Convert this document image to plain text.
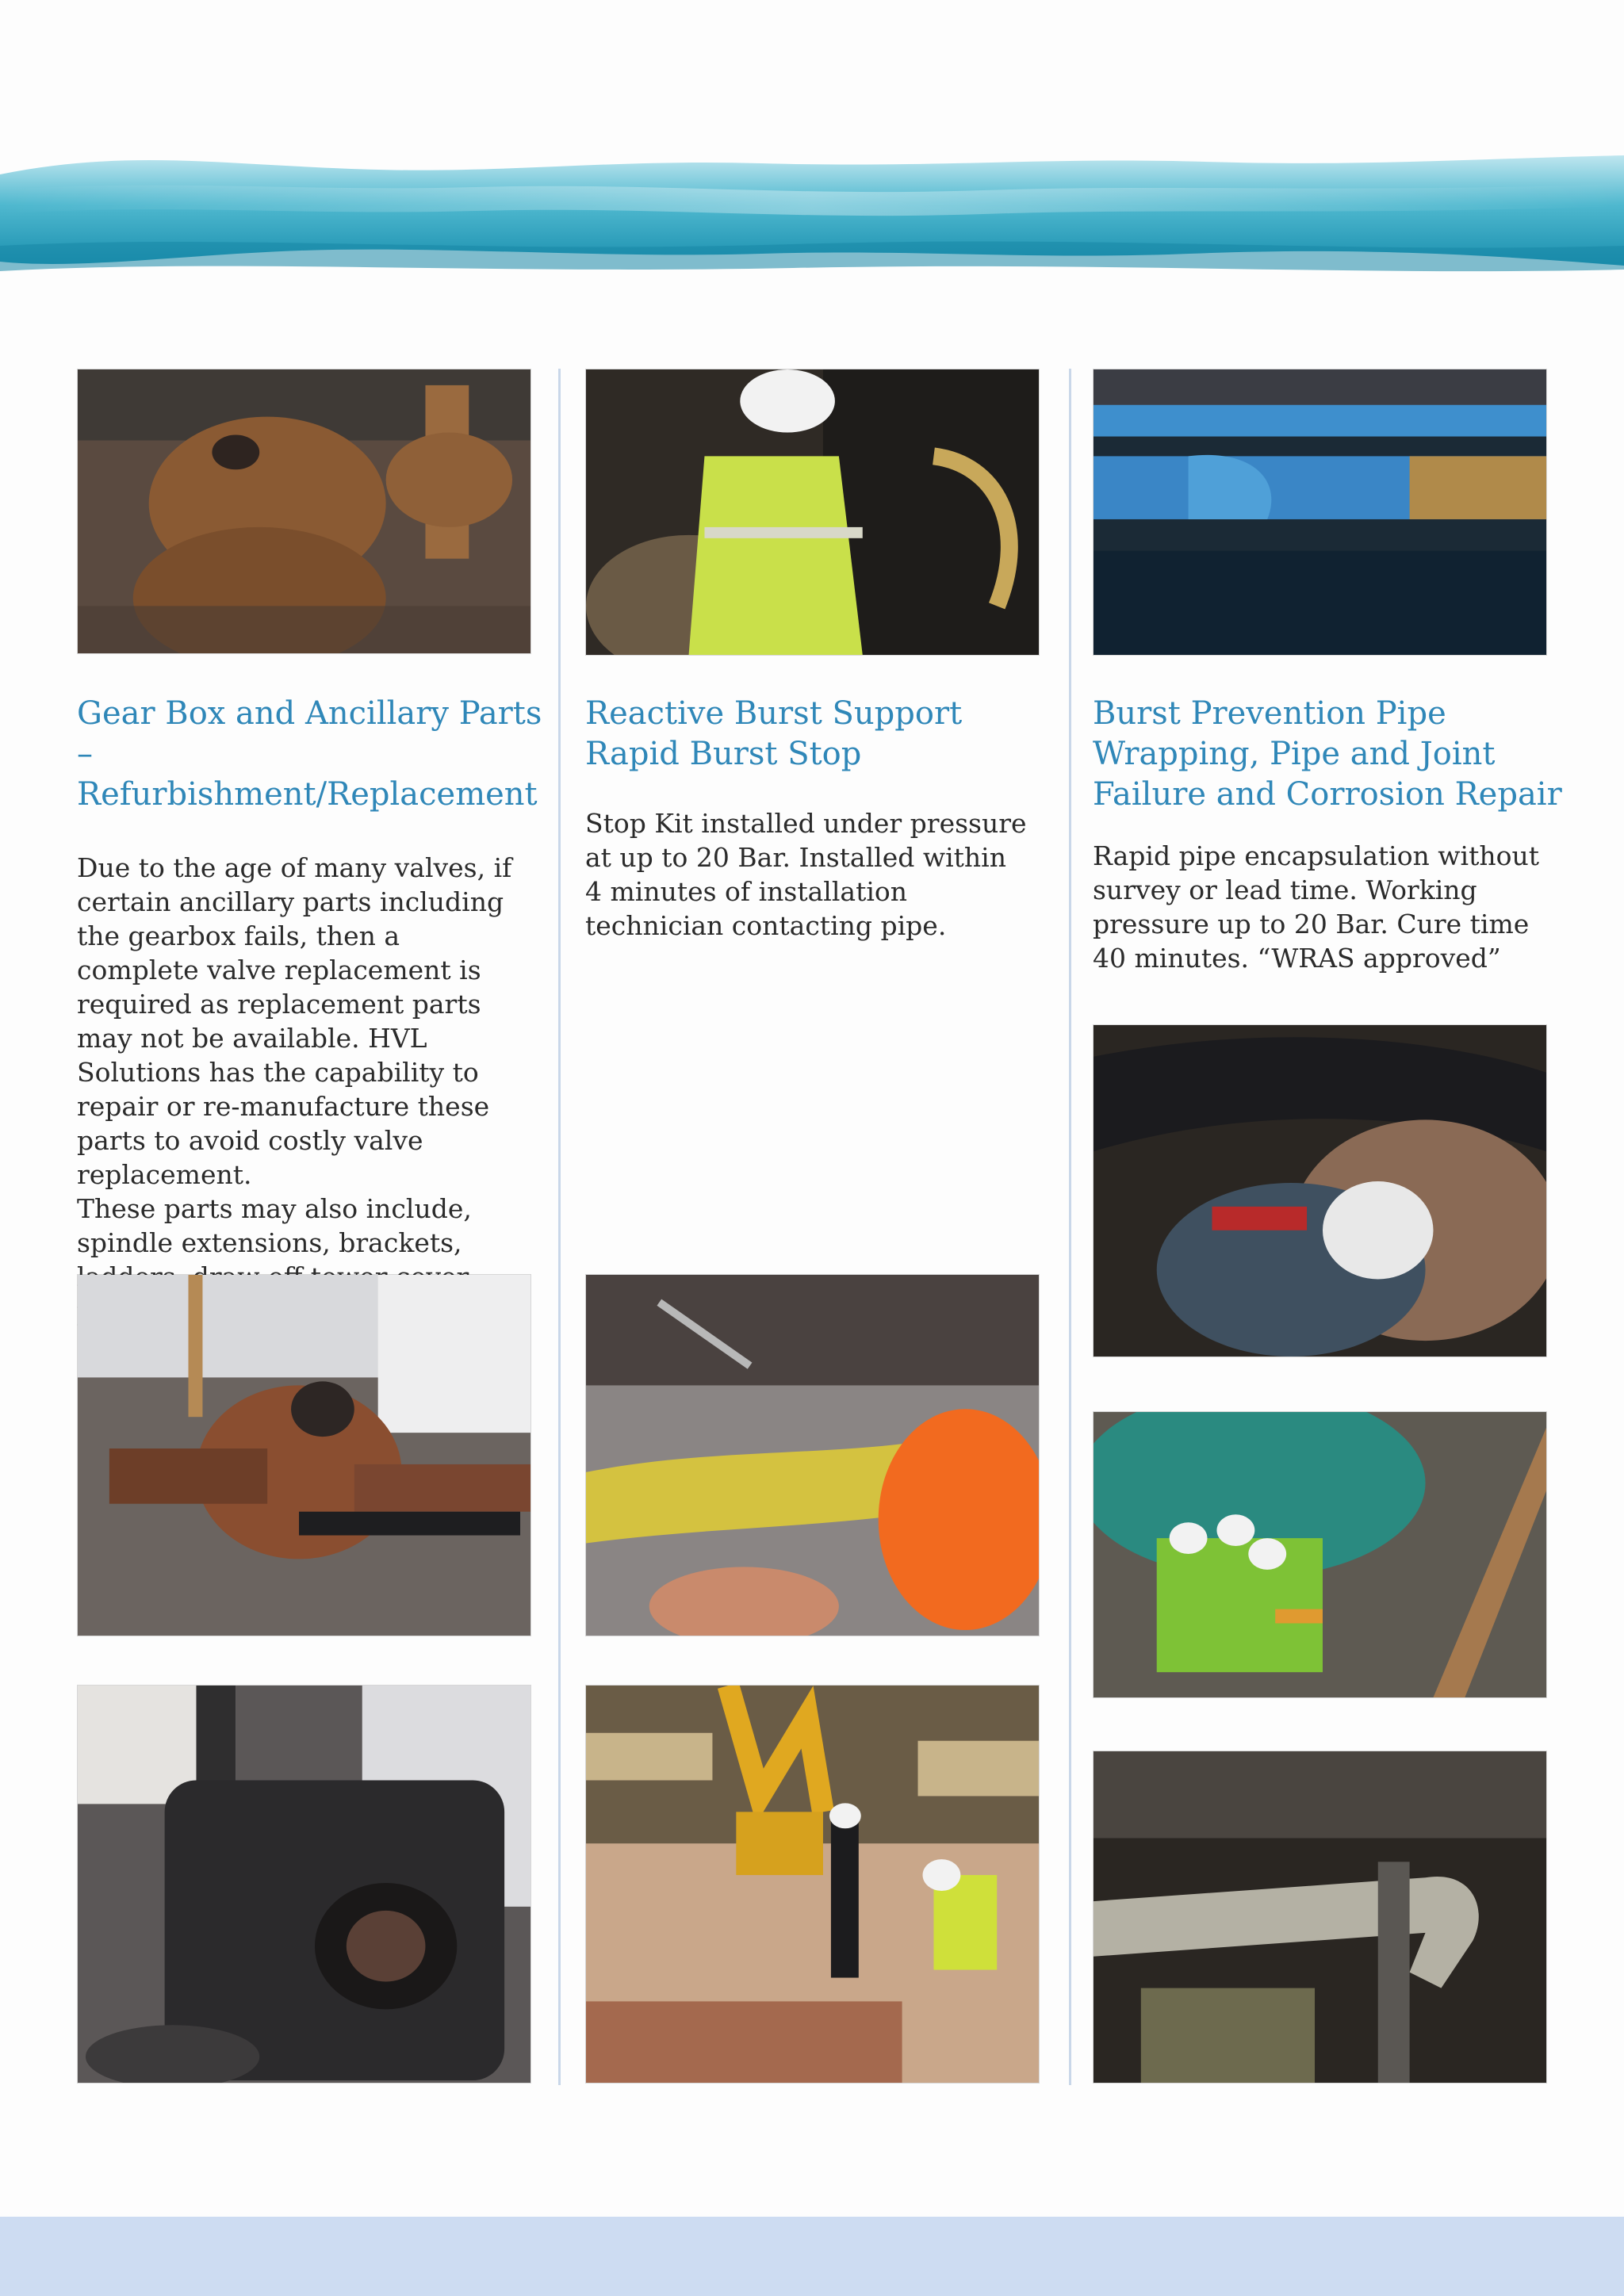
Gear Box and Ancillary Parts – Refurbishment/Replacement

Due to the age of many valves, if certain ancillary parts including the gearbox fails, then a complete valve replacement is required as replacement parts may not be available. HVL Solutions has the capability to repair or re-manufacture these parts to avoid costly valve replacement.
These parts may also include, spindle extensions, brackets,

Reactive Burst Support Rapid Burst Stop

Stop Kit installed under pressure at up to 20 Bar. Installed within 4 minutes of installation technician contacting pipe.

Burst Prevention Pipe Wrapping, Pipe and Joint Failure and Corrosion Repair

Rapid pipe encapsulation without survey or lead time. Working pressure up to 20 Bar. Cure time 40 minutes. “WRAS approved”
